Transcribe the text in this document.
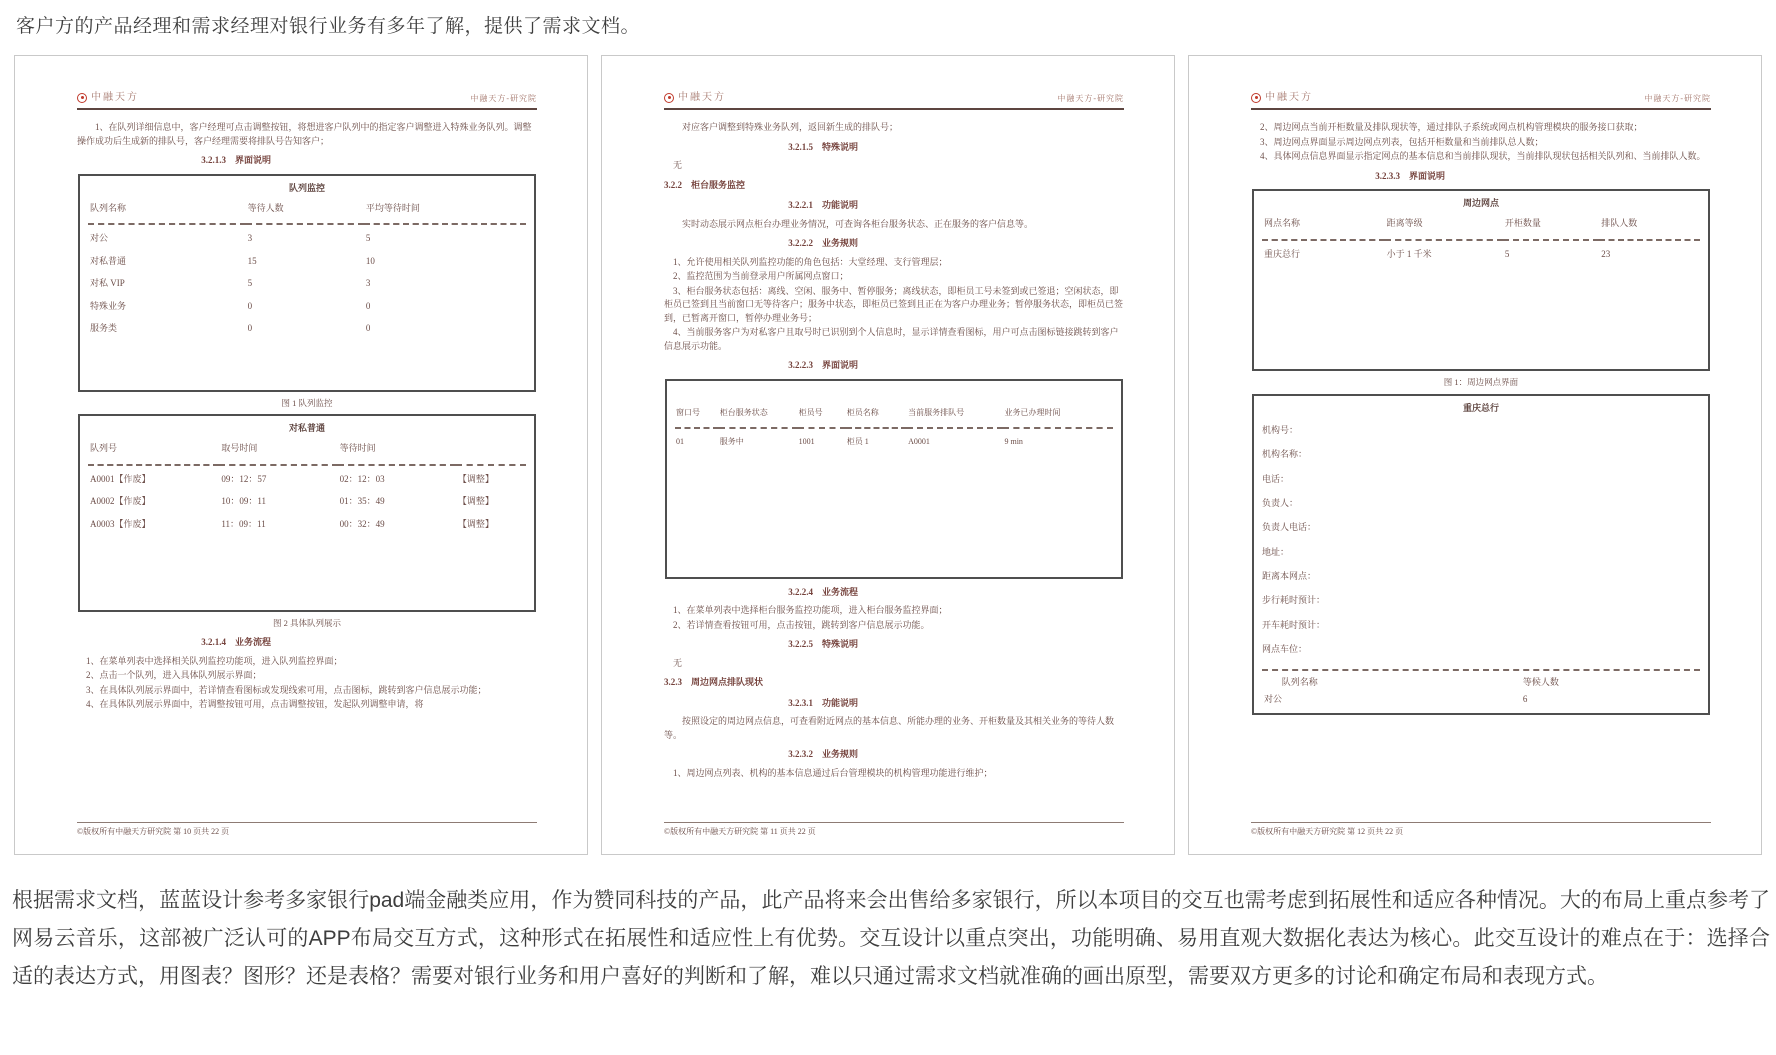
客户方的产品经理和需求经理对银行业务有多年了解，提供了需求文档。
中融天方	中融天方-研究院
1、在队列详细信息中，客户经理可点击调整按钮，将想进客户队列中的指定客户调整进入特殊业务队列。调整操作成功后生成新的排队号，客户经理需要将排队号告知客户；
3.2.1.3　界面说明
队列监控
队列名称	等待人数	平均等待时间
对公	3	5
对私普通	15	10
对私 VIP	5	3
特殊业务	0	0
服务类	0	0
图 1 队列监控
对私普通
队列号	取号时间	等待时间	
A0001【作废】	09：12：57	02：12：03	【调整】
A0002【作废】	10：09：11	01：35：49	【调整】
A0003【作废】	11：09：11	00：32：49	【调整】
图 2 具体队列展示
3.2.1.4　业务流程
1、在菜单列表中选择相关队列监控功能项，进入队列监控界面；
2、点击一个队列，进入具体队列展示界面；
3、在具体队列展示界面中，若详情查看图标或发现线索可用，点击图标，跳转到客户信息展示功能；
4、在具体队列展示界面中，若调整按钮可用，点击调整按钮，发起队列调整申请，将
©版权所有中融天方研究院 第 10 页共 22 页
中融天方	中融天方-研究院
对应客户调整到特殊业务队列，返回新生成的排队号；
3.2.1.5　特殊说明
无
3.2.2　柜台服务监控
3.2.2.1　功能说明
实时动态展示网点柜台办理业务情况，可查询各柜台服务状态、正在服务的客户信息等。
3.2.2.2　业务规则
1、允许使用相关队列监控功能的角色包括：大堂经理、支行管理层；
2、监控范围为当前登录用户所属网点窗口；
3、柜台服务状态包括：离线、空闲、服务中、暂停服务；离线状态，即柜员工号未签到或已签退；空闲状态，即柜员已签到且当前窗口无等待客户；服务中状态，即柜员已签到且正在为客户办理业务；暂停服务状态，即柜员已签到，已暂离开窗口，暂停办理业务号；
4、当前服务客户为对私客户且取号时已识别到个人信息时，显示详情查看图标，用户可点击图标链接跳转到客户信息展示功能。
3.2.2.3　界面说明
窗口号	柜台服务状态	柜员号	柜员名称	当前服务排队号	业务已办理时间
01	服务中	1001	柜员 1	A0001	9 min
3.2.2.4　业务流程
1、在菜单列表中选择柜台服务监控功能项，进入柜台服务监控界面；
2、若详情查看按钮可用，点击按钮，跳转到客户信息展示功能。
3.2.2.5　特殊说明
无
3.2.3　周边网点排队现状
3.2.3.1　功能说明
按照设定的周边网点信息，可查看附近网点的基本信息、所能办理的业务、开柜数量及其相关业务的等待人数等。
3.2.3.2　业务规则
1、周边网点列表、机构的基本信息通过后台管理模块的机构管理功能进行维护；
©版权所有中融天方研究院 第 11 页共 22 页
中融天方	中融天方-研究院
2、周边网点当前开柜数量及排队现状等，通过排队子系统或网点机构管理模块的服务接口获取；
3、周边网点界面显示周边网点列表，包括开柜数量和当前排队总人数；
4、具体网点信息界面显示指定网点的基本信息和当前排队现状，当前排队现状包括相关队列和、当前排队人数。
3.2.3.3　界面说明
周边网点
网点名称	距离等级	开柜数量	排队人数
重庆总行	小于 1 千米	5	23
图 1：周边网点界面
重庆总行
机构号：
机构名称：
电话：
负责人：
负责人电话：
地址：
距离本网点：
步行耗时预计：
开车耗时预计：
网点车位：
队列名称	等候人数
对公	6
©版权所有中融天方研究院 第 12 页共 22 页
根据需求文档，蓝蓝设计参考多家银行pad端金融类应用，作为赞同科技的产品，此产品将来会出售给多家银行，所以本项目的交互也需考虑到拓展性和适应各种情况。大的布局上重点参考了网易云音乐，这部被广泛认可的APP布局交互方式，这种形式在拓展性和适应性上有优势。交互设计以重点突出，功能明确、易用直观大数据化表达为核心。此交互设计的难点在于：选择合适的表达方式，用图表？图形？还是表格？需要对银行业务和用户喜好的判断和了解，难以只通过需求文档就准确的画出原型，需要双方更多的讨论和确定布局和表现方式。
